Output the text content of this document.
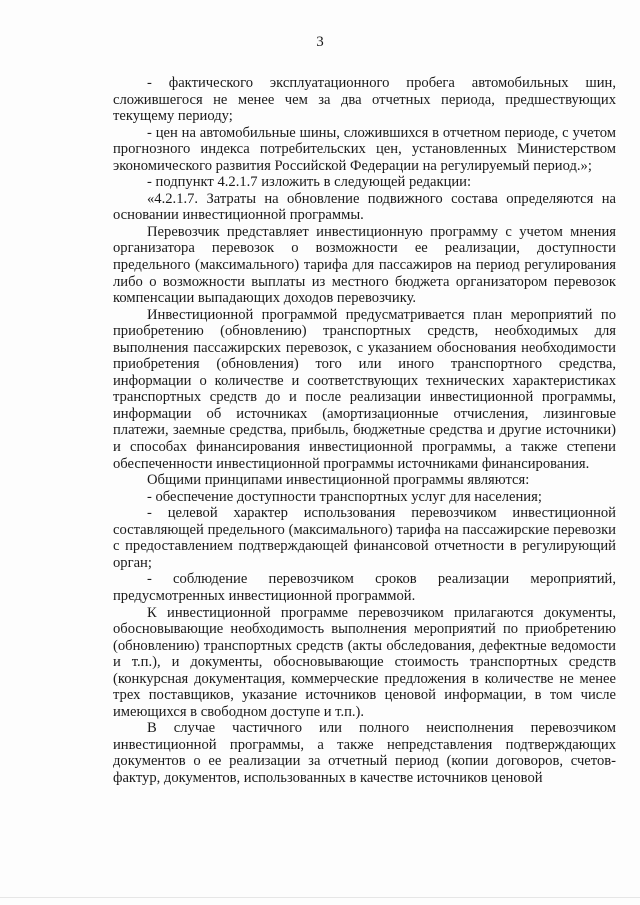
3

- фактического эксплуатационного пробега автомобильных шин, сложившегося не менее чем за два отчетных периода, предшествующих текущему периоду;

- цен на автомобильные шины, сложившихся в отчетном периоде, с учетом прогнозного индекса потребительских цен, установленных Министерством экономического развития Российской Федерации на регулируемый период.»;

- подпункт 4.2.1.7 изложить в следующей редакции:

«4.2.1.7. Затраты на обновление подвижного состава определяются на основании инвестиционной программы.

Перевозчик представляет инвестиционную программу с учетом мнения организатора перевозок о возможности ее реализации, доступности предельного (максимального) тарифа для пассажиров на период регулирования либо о возможности выплаты из местного бюджета организатором перевозок компенсации выпадающих доходов перевозчику.

Инвестиционной программой предусматривается план мероприятий по приобретению (обновлению) транспортных средств, необходимых для выполнения пассажирских перевозок, с указанием обоснования необходимости приобретения (обновления) того или иного транспортного средства, информации о количестве и соответствующих технических характеристиках транспортных средств до и после реализации инвестиционной программы, информации об источниках (амортизационные отчисления, лизинговые платежи, заемные средства, прибыль, бюджетные средства и другие источники) и способах финансирования инвестиционной программы, а также степени обеспеченности инвестиционной программы источниками финансирования.

Общими принципами инвестиционной программы являются:

- обеспечение доступности транспортных услуг для населения;

- целевой характер использования перевозчиком инвестиционной составляющей предельного (максимального) тарифа на пассажирские перевозки с предоставлением подтверждающей финансовой отчетности в регулирующий орган;

- соблюдение перевозчиком сроков реализации мероприятий, предусмотренных инвестиционной программой.

К инвестиционной программе перевозчиком прилагаются документы, обосновывающие необходимость выполнения мероприятий по приобретению (обновлению) транспортных средств (акты обследования, дефектные ведомости и т.п.), и документы, обосновывающие стоимость транспортных средств (конкурсная документация, коммерческие предложения в количестве не менее трех поставщиков, указание источников ценовой информации, в том числе имеющихся в свободном доступе и т.п.).

В случае частичного или полного неисполнения перевозчиком инвестиционной программы, а также непредставления подтверждающих документов о ее реализации за отчетный период (копии договоров, счетов-фактур, документов, использованных в качестве источников ценовой
